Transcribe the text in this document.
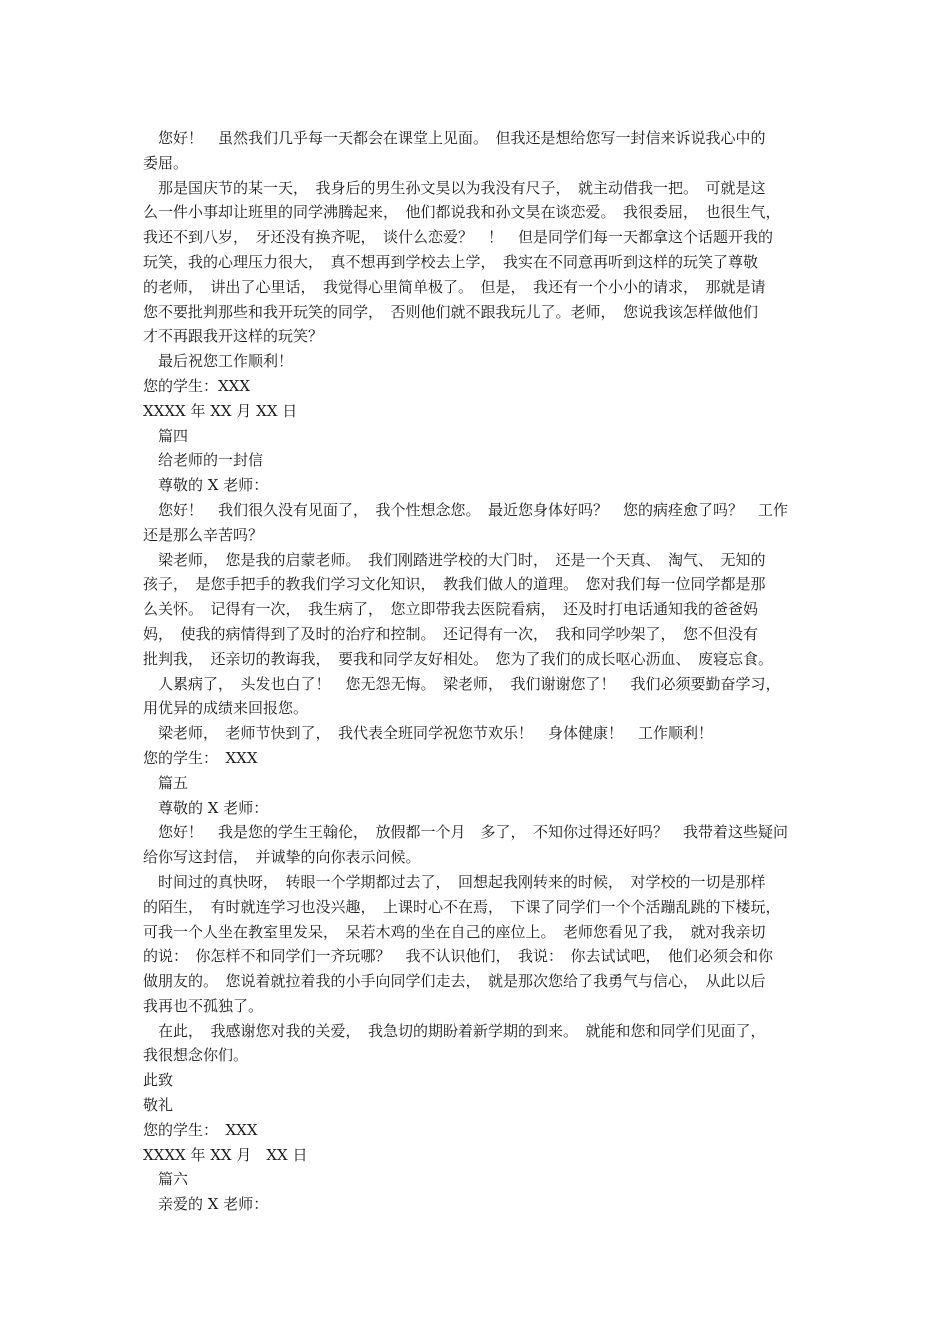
　您好！　虽然我们几乎每一天都会在课堂上见面。　但我还是想给您写一封信来诉说我心中的
委屈。
　那是国庆节的某一天，　我身后的男生孙文昊以为我没有尺子，　就主动借我一把。　可就是这
么一件小事却让班里的同学沸腾起来，　他们都说我和孙文昊在谈恋爱。　我很委屈，　也很生气，
我还不到八岁，　牙还没有换齐呢，　谈什么恋爱？　！　但是同学们每一天都拿这个话题开我的
玩笑，我的心理压力很大，　真不想再到学校去上学，　我实在不同意再听到这样的玩笑了尊敬
的老师，　讲出了心里话，　我觉得心里简单极了。　但是，　我还有一个小小的请求，　那就是请
您不要批判那些和我开玩笑的同学，　否则他们就不跟我玩儿了。老师，　您说我该怎样做他们
才不再跟我开这样的玩笑？
　最后祝您工作顺利！
您的学生：XXX
XXXX 年 XX 月 XX 日
　篇四
　给老师的一封信
　尊敬的 X 老师：
　您好！　我们很久没有见面了，　我个性想念您。　最近您身体好吗？　您的病痊愈了吗？　工作
还是那么辛苦吗？
　梁老师，　您是我的启蒙老师。　我们刚踏进学校的大门时，　还是一个天真、　淘气、　无知的
孩子，　是您手把手的教我们学习文化知识，　教我们做人的道理。　您对我们每一位同学都是那
么关怀。　记得有一次，　我生病了，　您立即带我去医院看病，　还及时打电话通知我的爸爸妈
妈，　使我的病情得到了及时的治疗和控制。　还记得有一次，　我和同学吵架了，　您不但没有
批判我，　还亲切的教诲我，　要我和同学友好相处。　您为了我们的成长呕心沥血、　废寝忘食。
　人累病了，　头发也白了！　您无怨无悔。　梁老师，　我们谢谢您了！　我们必须要勤奋学习，
用优异的成绩来回报您。
　梁老师，　老师节快到了，　我代表全班同学祝您节欢乐！　身体健康！　工作顺利！
您的学生：　XXX
　篇五
　尊敬的 X 老师：
　您好！　我是您的学生王翰伦，　放假都一个月　多了，　不知你过得还好吗？　我带着这些疑问
给你写这封信，　并诚挚的向你表示问候。
　时间过的真快呀，　转眼一个学期都过去了，　回想起我刚转来的时候，　对学校的一切是那样
的陌生，　有时就连学习也没兴趣，　上课时心不在焉，　下课了同学们一个个活蹦乱跳的下楼玩，
可我一个人坐在教室里发呆，　呆若木鸡的坐在自己的座位上。　老师您看见了我，　就对我亲切
的说：　你怎样不和同学们一齐玩哪？　我不认识他们，　我说：　你去试试吧，　他们必须会和你
做朋友的。　您说着就拉着我的小手向同学们走去，　就是那次您给了我勇气与信心，　从此以后
我再也不孤独了。
　在此，　我感谢您对我的关爱，　我急切的期盼着新学期的到来。　就能和您和同学们见面了，
我很想念你们。
此致
敬礼
您的学生：　XXX
XXXX 年 XX 月　XX 日
　篇六
　亲爱的 X 老师：
